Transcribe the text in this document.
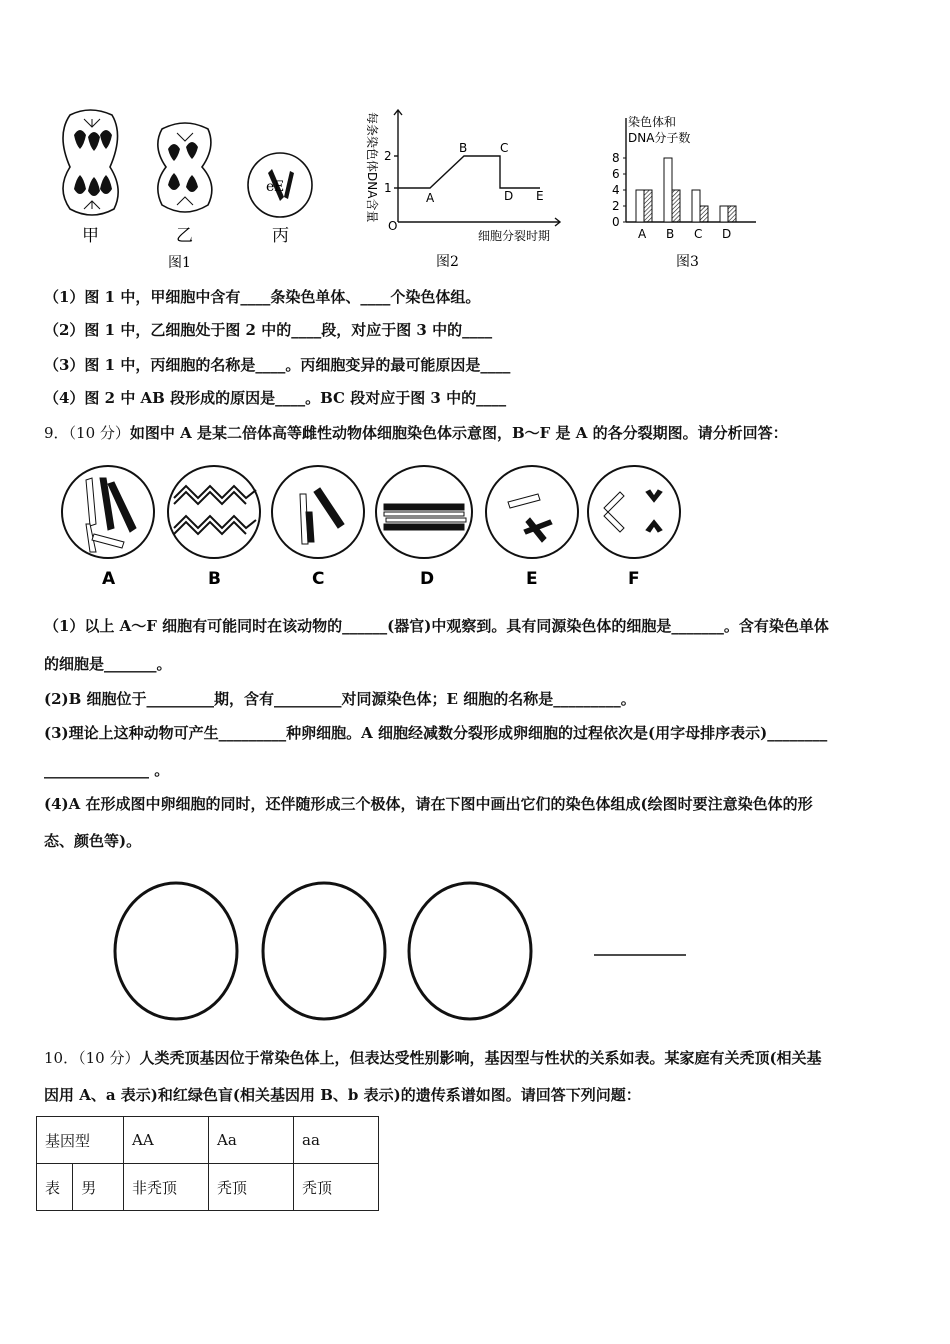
e E
甲	乙	丙
图1
每条染色体DNA含量
细胞分裂时期
O
1
2
A
B	C
D E
图2
染色体和
DNA分子数
0
2
4
6
8
A B C D
图3
（1）图 1 中，甲细胞中含有____条染色单体、____个染色体组。
（2）图 1 中，乙细胞处于图 2 中的____段，对应于图 3 中的____
（3）图 1 中，丙细胞的名称是____。丙细胞变异的最可能原因是____
（4）图 2 中 AB 段形成的原因是____。BC 段对应于图 3 中的____
9．（10 分）如图中 A 是某二倍体高等雌性动物体细胞染色体示意图，B～F 是 A 的各分裂期图。请分析回答：
A	B	C	D	E	F
（1）以上 A～F 细胞有可能同时在该动物的______(器官)中观察到。具有同源染色体的细胞是_______。含有染色单体
的细胞是_______。
(2)B 细胞位于_________期，含有_________对同源染色体；E 细胞的名称是_________。
(3)理论上这种动物可产生_________种卵细胞。A 细胞经减数分裂形成卵细胞的过程依次是(用字母排序表示)________
______________ 。
(4)A 在形成图中卵细胞的同时，还伴随形成三个极体，请在下图中画出它们的染色体组成(绘图时要注意染色体的形
态、颜色等)。
10．（10 分）人类秃顶基因位于常染色体上，但表达受性别影响，基因型与性状的关系如表。某家庭有关秃顶(相关基
因用 A、a 表示)和红绿色盲(相关基因用 B、b 表示)的遗传系谱如图。请回答下列问题：
基因型		AA	Aa	aa
表	男	非秃顶	秃顶	秃顶
